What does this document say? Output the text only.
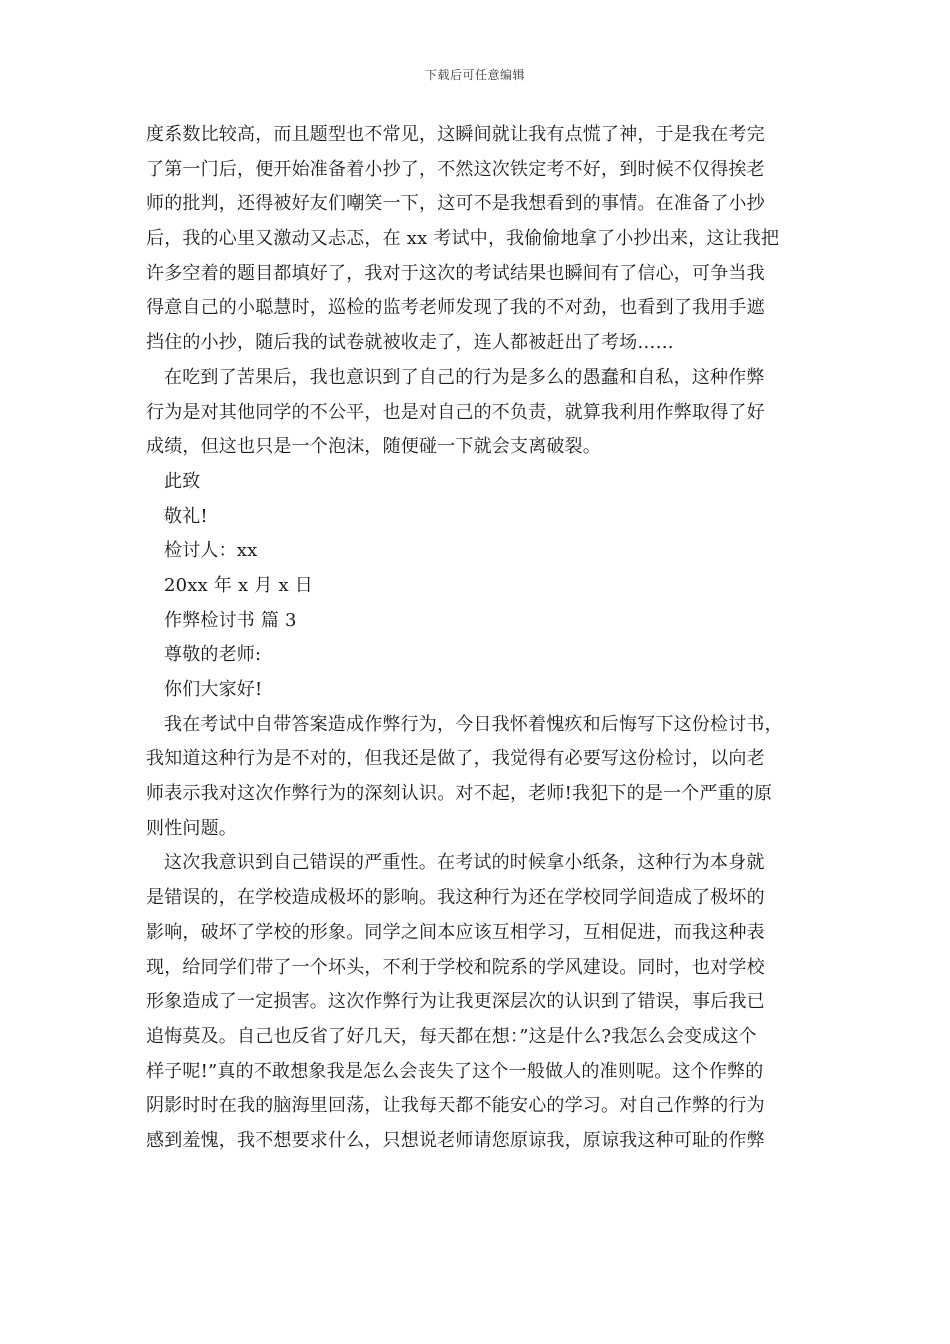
下载后可任意编辑
度系数比较高，而且题型也不常见，这瞬间就让我有点慌了神，于是我在考完
了第一门后，便开始准备着小抄了，不然这次铁定考不好，到时候不仅得挨老
师的批判，还得被好友们嘲笑一下，这可不是我想看到的事情。在准备了小抄
后，我的心里又激动又忐忑，在 xx 考试中，我偷偷地拿了小抄出来，这让我把
许多空着的题目都填好了，我对于这次的考试结果也瞬间有了信心，可争当我
得意自己的小聪慧时，巡检的监考老师发现了我的不对劲，也看到了我用手遮
挡住的小抄，随后我的试卷就被收走了，连人都被赶出了考场……
在吃到了苦果后，我也意识到了自己的行为是多么的愚蠢和自私，这种作弊
行为是对其他同学的不公平，也是对自己的不负责，就算我利用作弊取得了好
成绩，但这也只是一个泡沫，随便碰一下就会支离破裂。
此致
敬礼!
检讨人：xx
20xx 年 x 月 x 日
作弊检讨书 篇 3
尊敬的老师:
你们大家好!
我在考试中自带答案造成作弊行为，今日我怀着愧疚和后悔写下这份检讨书，
我知道这种行为是不对的，但我还是做了，我觉得有必要写这份检讨，以向老
师表示我对这次作弊行为的深刻认识。对不起，老师!我犯下的是一个严重的原
则性问题。
这次我意识到自己错误的严重性。在考试的时候拿小纸条，这种行为本身就
是错误的，在学校造成极坏的影响。我这种行为还在学校同学间造成了极坏的
影响，破坏了学校的形象。同学之间本应该互相学习，互相促进，而我这种表
现，给同学们带了一个坏头，不利于学校和院系的学风建设。同时，也对学校
形象造成了一定损害。这次作弊行为让我更深层次的认识到了错误，事后我已
追悔莫及。自己也反省了好几天，每天都在想：”这是什么?我怎么会变成这个
样子呢!”真的不敢想象我是怎么会丧失了这个一般做人的准则呢。这个作弊的
阴影时时在我的脑海里回荡，让我每天都不能安心的学习。对自己作弊的行为
感到羞愧，我不想要求什么，只想说老师请您原谅我，原谅我这种可耻的作弊
